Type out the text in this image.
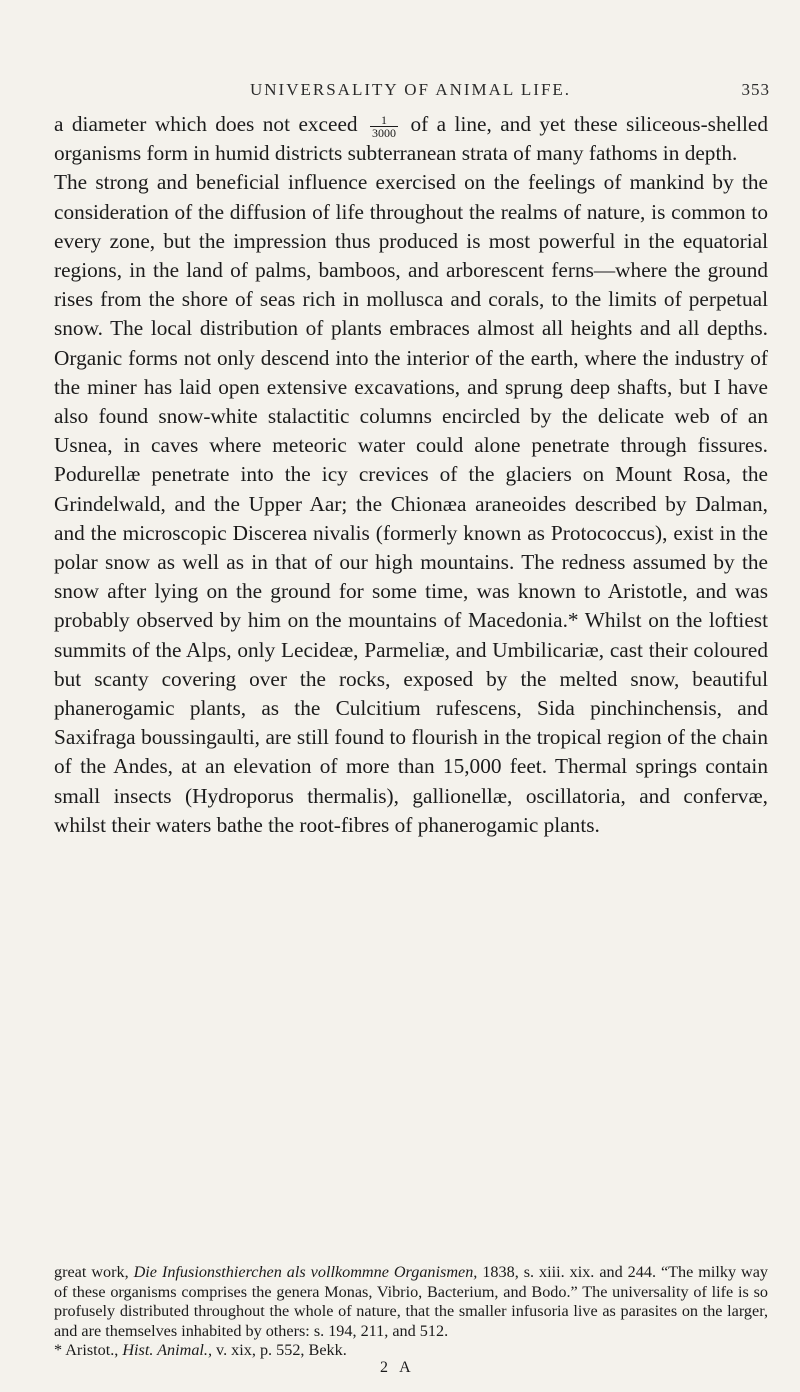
UNIVERSALITY OF ANIMAL LIFE.	353

a diameter which does not exceed $\frac{1}{3000}$ of a line, and yet these siliceous-shelled organisms form in humid districts subterranean strata of many fathoms in depth.

The strong and beneficial influence exercised on the feelings of mankind by the consideration of the diffusion of life throughout the realms of nature, is common to every zone, but the impression thus produced is most powerful in the equatorial regions, in the land of palms, bamboos, and arborescent ferns—where the ground rises from the shore of seas rich in mollusca and corals, to the limits of perpetual snow. The local distribution of plants embraces almost all heights and all depths. Organic forms not only descend into the interior of the earth, where the industry of the miner has laid open extensive excavations, and sprung deep shafts, but I have also found snow-white stalactitic columns encircled by the delicate web of an Usnea, in caves where meteoric water could alone penetrate through fissures. Podurellæ penetrate into the icy crevices of the glaciers on Mount Rosa, the Grindelwald, and the Upper Aar; the Chionæa araneoides described by Dalman, and the microscopic Discerea nivalis (formerly known as Protococcus), exist in the polar snow as well as in that of our high mountains. The redness assumed by the snow after lying on the ground for some time, was known to Aristotle, and was probably observed by him on the mountains of Macedonia.* Whilst on the loftiest summits of the Alps, only Lecideæ, Parmeliæ, and Umbilicariæ, cast their coloured but scanty covering over the rocks, exposed by the melted snow, beautiful phanerogamic plants, as the Culcitium rufescens, Sida pinchinchensis, and Saxifraga boussingaulti, are still found to flourish in the tropical region of the chain of the Andes, at an elevation of more than 15,000 feet. Thermal springs contain small insects (Hydroporus thermalis), gallionellæ, oscillatoria, and confervæ, whilst their waters bathe the root-fibres of phanerogamic plants.

great work, Die Infusionsthierchen als vollkommne Organismen, 1838, s. xiii. xix. and 244. “The milky way of these organisms comprises the genera Monas, Vibrio, Bacterium, and Bodo.” The universality of life is so profusely distributed throughout the whole of nature, that the smaller infusoria live as parasites on the larger, and are themselves inhabited by others: s. 194, 211, and 512.

* Aristot., Hist. Animal., v. xix, p. 552, Bekk.

2 A
